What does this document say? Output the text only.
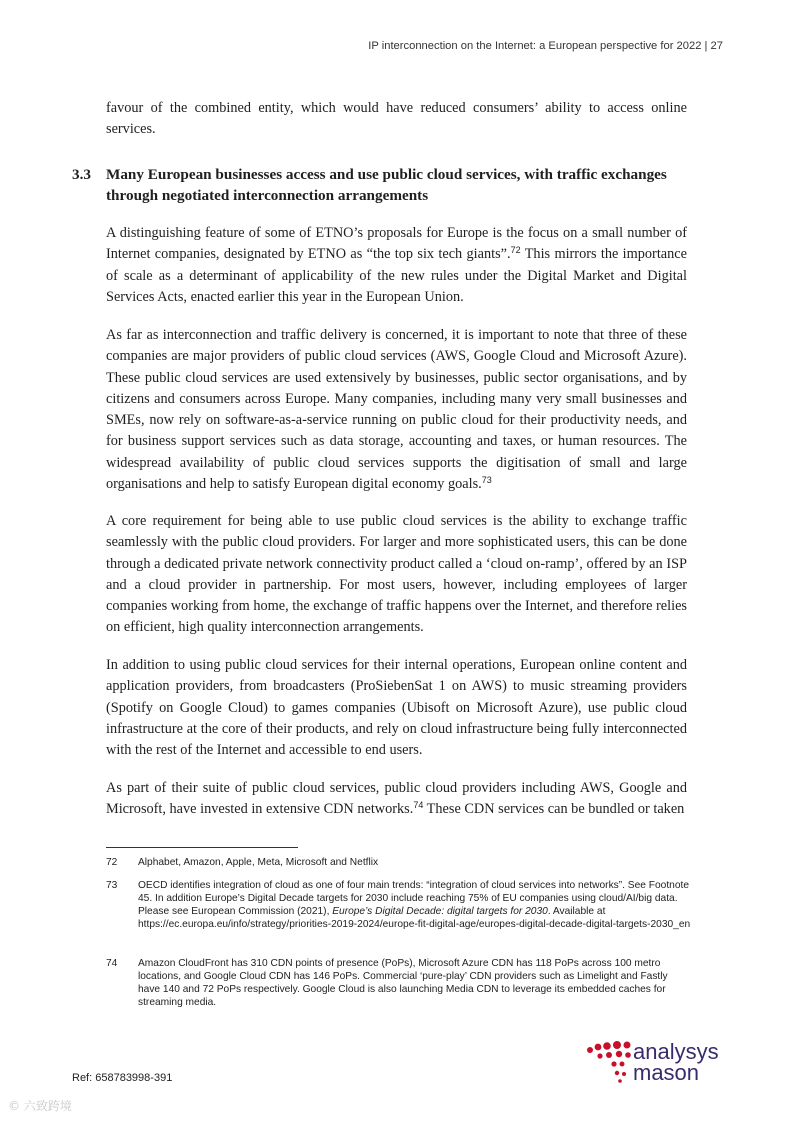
IP interconnection on the Internet: a European perspective for 2022 | 27

favour of the combined entity, which would have reduced consumers’ ability to access online services.

3.3 Many European businesses access and use public cloud services, with traffic exchanges through negotiated interconnection arrangements

A distinguishing feature of some of ETNO’s proposals for Europe is the focus on a small number of Internet companies, designated by ETNO as “the top six tech giants”.$^{72}$ This mirrors the importance of scale as a determinant of applicability of the new rules under the Digital Market and Digital Services Acts, enacted earlier this year in the European Union.

As far as interconnection and traffic delivery is concerned, it is important to note that three of these companies are major providers of public cloud services (AWS, Google Cloud and Microsoft Azure). These public cloud services are used extensively by businesses, public sector organisations, and by citizens and consumers across Europe. Many companies, including many very small businesses and SMEs, now rely on software-as-a-service running on public cloud for their productivity needs, and for business support services such as data storage, accounting and taxes, or human resources. The widespread availability of public cloud services supports the digitisation of small and large organisations and help to satisfy European digital economy goals.$^{73}$

A core requirement for being able to use public cloud services is the ability to exchange traffic seamlessly with the public cloud providers. For larger and more sophisticated users, this can be done through a dedicated private network connectivity product called a ‘cloud on-ramp’, offered by an ISP and a cloud provider in partnership. For most users, however, including employees of larger companies working from home, the exchange of traffic happens over the Internet, and therefore relies on efficient, high quality interconnection arrangements.

In addition to using public cloud services for their internal operations, European online content and application providers, from broadcasters (ProSiebenSat 1 on AWS) to music streaming providers (Spotify on Google Cloud) to games companies (Ubisoft on Microsoft Azure), use public cloud infrastructure at the core of their products, and rely on cloud infrastructure being fully interconnected with the rest of the Internet and accessible to end users.

As part of their suite of public cloud services, public cloud providers including AWS, Google and Microsoft, have invested in extensive CDN networks.$^{74}$ These CDN services can be bundled or taken

72 Alphabet, Amazon, Apple, Meta, Microsoft and Netflix
73 OECD identifies integration of cloud as one of four main trends: “integration of cloud services into networks”. See Footnote 45. In addition Europe’s Digital Decade targets for 2030 include reaching 75% of EU companies using cloud/AI/big data. Please see European Commission (2021), Europe’s Digital Decade: digital targets for 2030. Available at https://ec.europa.eu/info/strategy/priorities-2019-2024/europe-fit-digital-age/europes-digital-decade-digital-targets-2030_en
74 Amazon CloudFront has 310 CDN points of presence (PoPs), Microsoft Azure CDN has 118 PoPs across 100 metro locations, and Google Cloud CDN has 146 PoPs. Commercial ‘pure-play’ CDN providers such as Limelight and Fastly have 140 and 72 PoPs respectively. Google Cloud is also launching Media CDN to leverage its embedded caches for streaming media.
Ref: 658783998-391
analysys
mason
© 六致跨境
